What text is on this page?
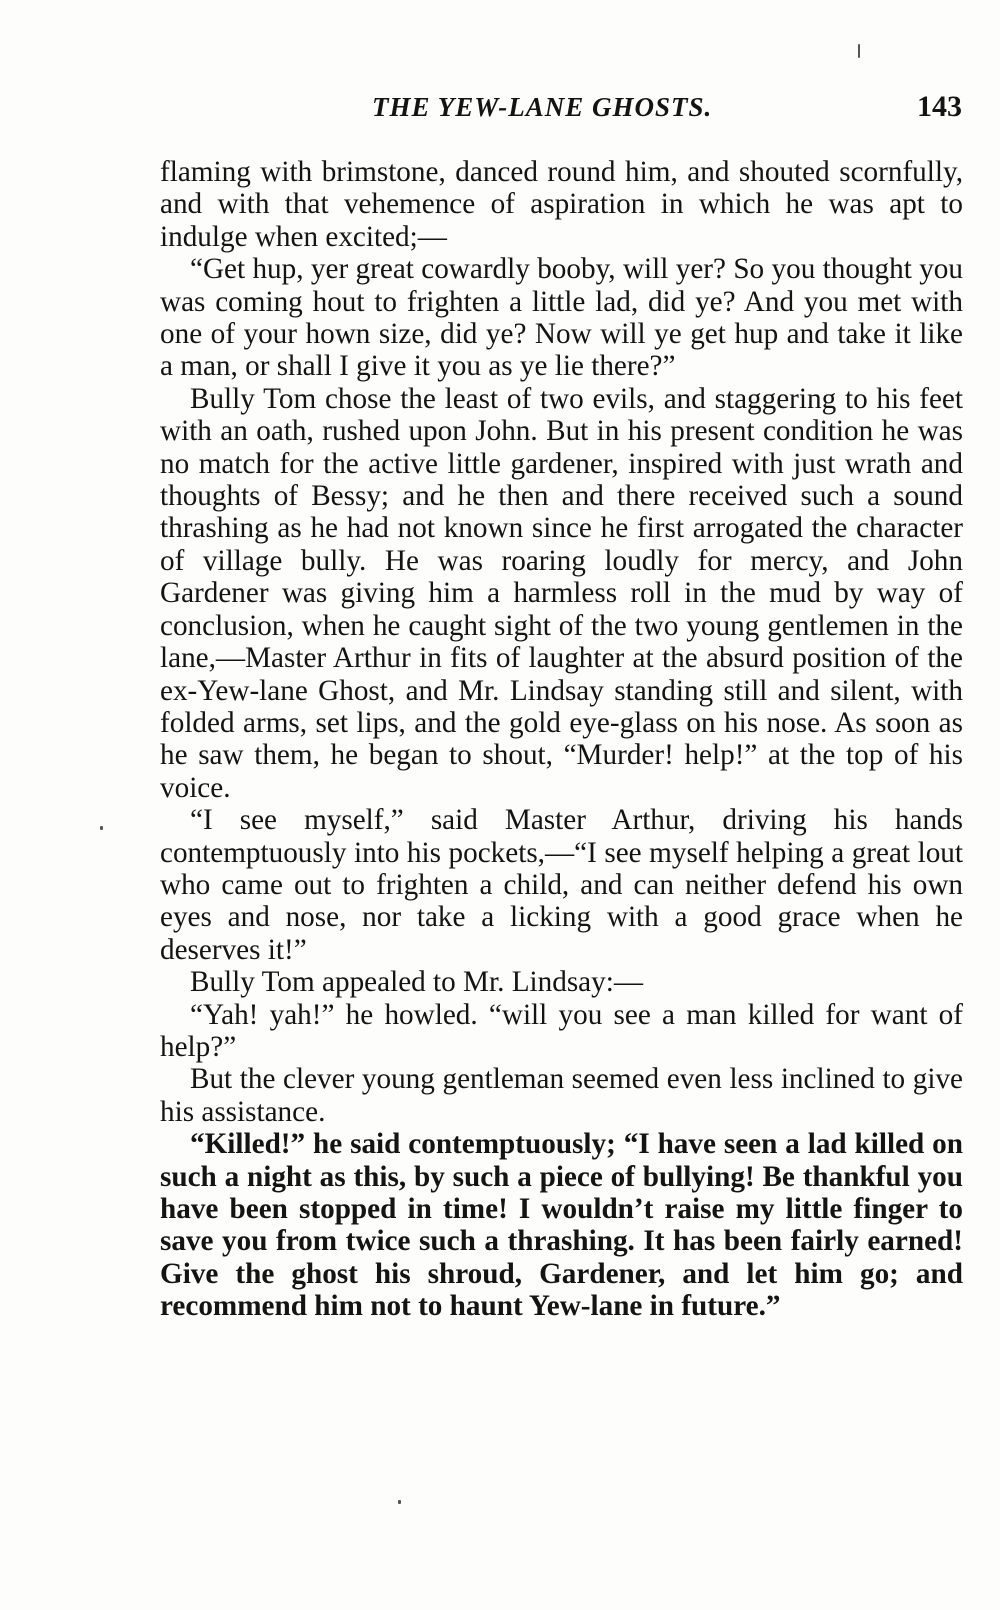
THE YEW-LANE GHOSTS.	143

flaming with brimstone, danced round him, and shouted scornfully, and with that vehemence of aspiration in which he was apt to indulge when excited;—

“Get hup, yer great cowardly booby, will yer? So you thought you was coming hout to frighten a little lad, did ye? And you met with one of your hown size, did ye? Now will ye get hup and take it like a man, or shall I give it you as ye lie there?”

Bully Tom chose the least of two evils, and staggering to his feet with an oath, rushed upon John. But in his present condition he was no match for the active little gardener, inspired with just wrath and thoughts of Bessy; and he then and there received such a sound thrashing as he had not known since he first arrogated the character of village bully. He was roaring loudly for mercy, and John Gardener was giving him a harmless roll in the mud by way of conclusion, when he caught sight of the two young gentlemen in the lane,—Master Arthur in fits of laughter at the absurd position of the ex-Yew-lane Ghost, and Mr. Lindsay standing still and silent, with folded arms, set lips, and the gold eye-glass on his nose. As soon as he saw them, he began to shout, “Murder! help!” at the top of his voice.

“I see myself,” said Master Arthur, driving his hands contemptuously into his pockets,—“I see myself helping a great lout who came out to frighten a child, and can neither defend his own eyes and nose, nor take a licking with a good grace when he deserves it!”

Bully Tom appealed to Mr. Lindsay:—

“Yah! yah!” he howled. “will you see a man killed for want of help?”

But the clever young gentleman seemed even less inclined to give his assistance.

“Killed!” he said contemptuously; “I have seen a lad killed on such a night as this, by such a piece of bullying! Be thankful you have been stopped in time! I wouldn’t raise my little finger to save you from twice such a thrashing. It has been fairly earned! Give the ghost his shroud, Gardener, and let him go; and recommend him not to haunt Yew-lane in future.”
